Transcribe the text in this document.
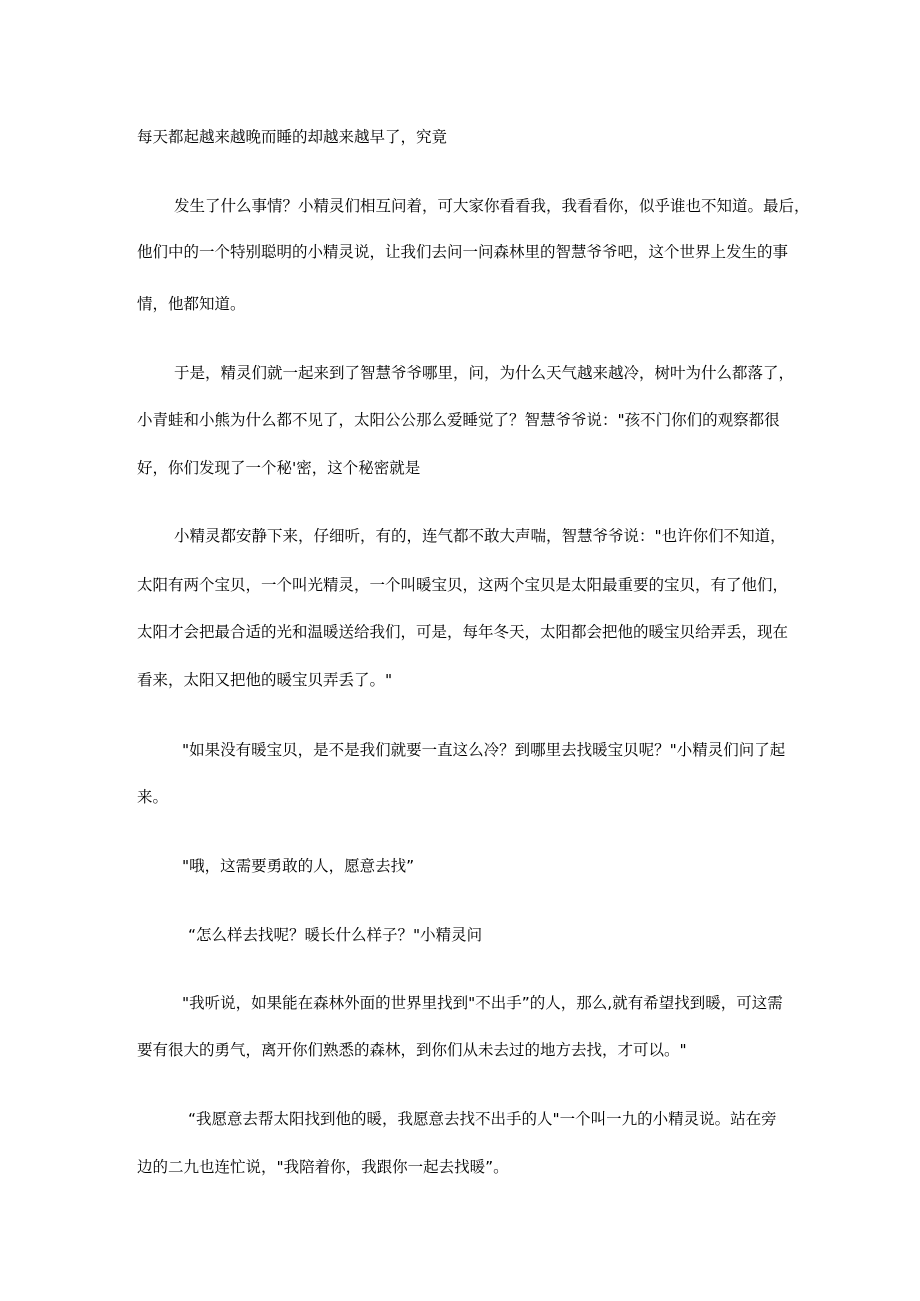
每天都起越来越晚而睡的却越来越早了，究竟
发生了什么事情？小精灵们相互问着，可大家你看看我，我看看你，似乎谁也不知道。最后，
他们中的一个特别聪明的小精灵说，让我们去问一问森林里的智慧爷爷吧，这个世界上发生的事
情，他都知道。
于是，精灵们就一起来到了智慧爷爷哪里，问，为什么天气越来越冷，树叶为什么都落了，
小青蛙和小熊为什么都不见了，太阳公公那么爱睡觉了？智慧爷爷说："孩不门你们的观察都很
好，你们发现了一个秘'密，这个秘密就是
小精灵都安静下来，仔细听，有的，连气都不敢大声喘，智慧爷爷说："也许你们不知道，
太阳有两个宝贝，一个叫光精灵，一个叫暖宝贝，这两个宝贝是太阳最重要的宝贝，有了他们，
太阳才会把最合适的光和温暖送给我们，可是，每年冬天，太阳都会把他的暖宝贝给弄丢，现在
看来，太阳又把他的暖宝贝弄丢了。"
"如果没有暖宝贝，是不是我们就要一直这么冷？到哪里去找暖宝贝呢？"小精灵们问了起
来。
"哦，这需要勇敢的人，愿意去找”
“怎么样去找呢？暖长什么样子？"小精灵问
"我听说，如果能在森林外面的世界里找到"不出手”的人，那么,就有希望找到暖，可这需
要有很大的勇气，离开你们熟悉的森林，到你们从未去过的地方去找，才可以。"
“我愿意去帮太阳找到他的暖，我愿意去找不出手的人"一个叫一九的小精灵说。站在旁
边的二九也连忙说，"我陪着你，我跟你一起去找暖”。
